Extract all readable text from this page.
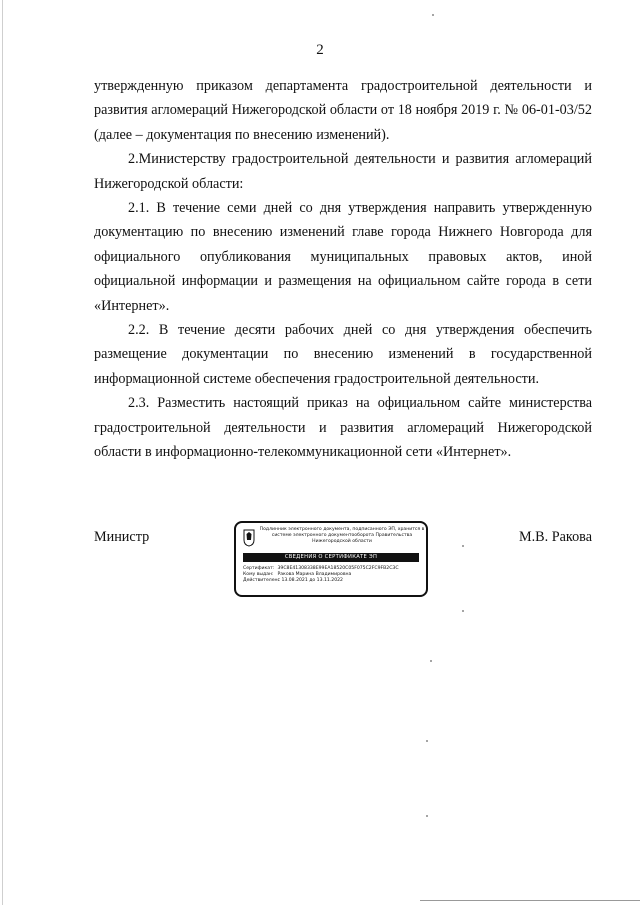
2

утвержденную приказом департамента градостроительной деятельности и развития агломераций Нижегородской области от 18 ноября 2019 г. № 06-01-03/52 (далее – документация по внесению изменений).

2.Министерству градостроительной деятельности и развития агломераций Нижегородской области:

2.1. В течение семи дней со дня утверждения направить утвержденную документацию по внесению изменений главе города Нижнего Новгорода для официального опубликования муниципальных правовых актов, иной официальной информации и размещения на официальном сайте города в сети «Интернет».

2.2. В течение десяти рабочих дней со дня утверждения обеспечить размещение документации по внесению изменений в государственной информационной системе обеспечения градостроительной деятельности.

2.3. Разместить настоящий приказ на официальном сайте министерства градостроительной деятельности и развития агломераций Нижегородской области в информационно-телекоммуникационной сети «Интернет».

Министр	Подлинник электронного документа, подписанного ЭП, хранится в системе электронного документооборота Правительства Нижегородской области
СВЕДЕНИЯ О СЕРТИФИКАТЕ ЭП
Сертификат: 39C8E41308338E99EA18520C05F075C2FC9FB2C3C
Кому выдан: Ракова Марина Владимировна
Действителен: с 13.08.2021 до 13.11.2022
М.В. Ракова
